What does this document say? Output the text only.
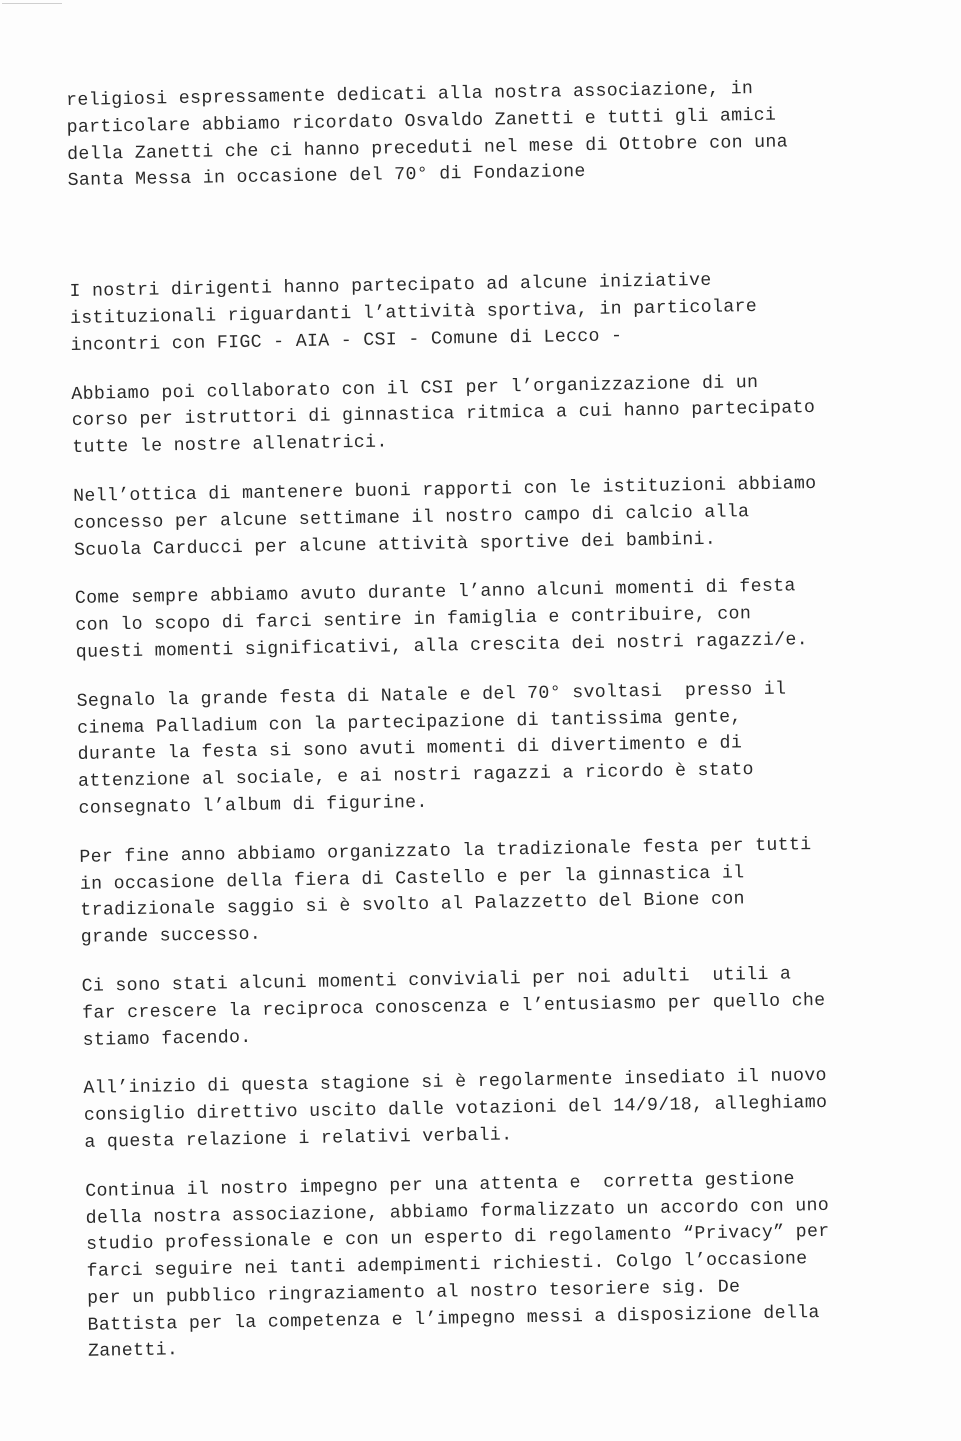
religiosi espressamente dedicati alla nostra associazione, in
particolare abbiamo ricordato Osvaldo Zanetti e tutti gli amici
della Zanetti che ci hanno preceduti nel mese di Ottobre con una
Santa Messa in occasione del 70° di Fondazione
I nostri dirigenti hanno partecipato ad alcune iniziative
istituzionali riguardanti l’attività sportiva, in particolare
incontri con FIGC - AIA - CSI - Comune di Lecco -
Abbiamo poi collaborato con il CSI per l’organizzazione di un
corso per istruttori di ginnastica ritmica a cui hanno partecipato
tutte le nostre allenatrici.
Nell’ottica di mantenere buoni rapporti con le istituzioni abbiamo
concesso per alcune settimane il nostro campo di calcio alla
Scuola Carducci per alcune attività sportive dei bambini.
Come sempre abbiamo avuto durante l’anno alcuni momenti di festa
con lo scopo di farci sentire in famiglia e contribuire, con
questi momenti significativi, alla crescita dei nostri ragazzi/e.
Segnalo la grande festa di Natale e del 70° svoltasi  presso il
cinema Palladium con la partecipazione di tantissima gente,
durante la festa si sono avuti momenti di divertimento e di
attenzione al sociale, e ai nostri ragazzi a ricordo è stato
consegnato l’album di figurine.
Per fine anno abbiamo organizzato la tradizionale festa per tutti
in occasione della fiera di Castello e per la ginnastica il
tradizionale saggio si è svolto al Palazzetto del Bione con
grande successo.
Ci sono stati alcuni momenti conviviali per noi adulti  utili a
far crescere la reciproca conoscenza e l’entusiasmo per quello che
stiamo facendo.
All’inizio di questa stagione si è regolarmente insediato il nuovo
consiglio direttivo uscito dalle votazioni del 14/9/18, alleghiamo
a questa relazione i relativi verbali.
Continua il nostro impegno per una attenta e  corretta gestione
della nostra associazione, abbiamo formalizzato un accordo con uno
studio professionale e con un esperto di regolamento “Privacy” per
farci seguire nei tanti adempimenti richiesti. Colgo l’occasione
per un pubblico ringraziamento al nostro tesoriere sig. De
Battista per la competenza e l’impegno messi a disposizione della
Zanetti.
